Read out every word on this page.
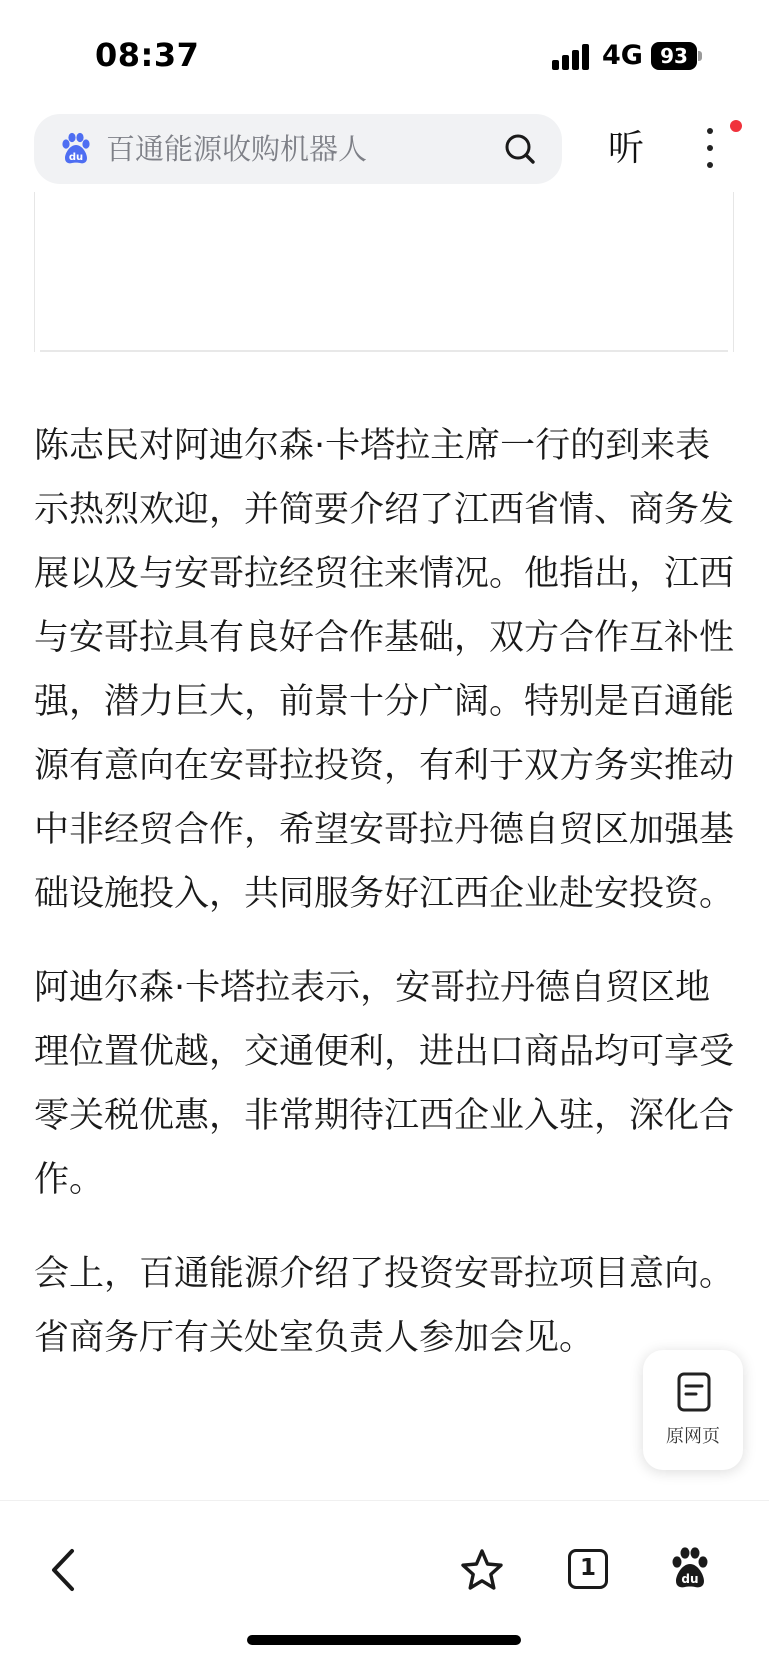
08:37	4G 93
du 百通能源收购机器人	听

陈志民对阿迪尔森·卡塔拉主席一行的到来表示热烈欢迎，并简要介绍了江西省情、商务发展以及与安哥拉经贸往来情况。他指出，江西与安哥拉具有良好合作基础，双方合作互补性强，潜力巨大，前景十分广阔。特别是百通能源有意向在安哥拉投资，有利于双方务实推动中非经贸合作，希望安哥拉丹德自贸区加强基础设施投入，共同服务好江西企业赴安投资。

阿迪尔森·卡塔拉表示，安哥拉丹德自贸区地理位置优越，交通便利，进出口商品均可享受零关税优惠，非常期待江西企业入驻，深化合作。

会上，百通能源介绍了投资安哥拉项目意向。省商务厅有关处室负责人参加会见。

原网页
1	du
